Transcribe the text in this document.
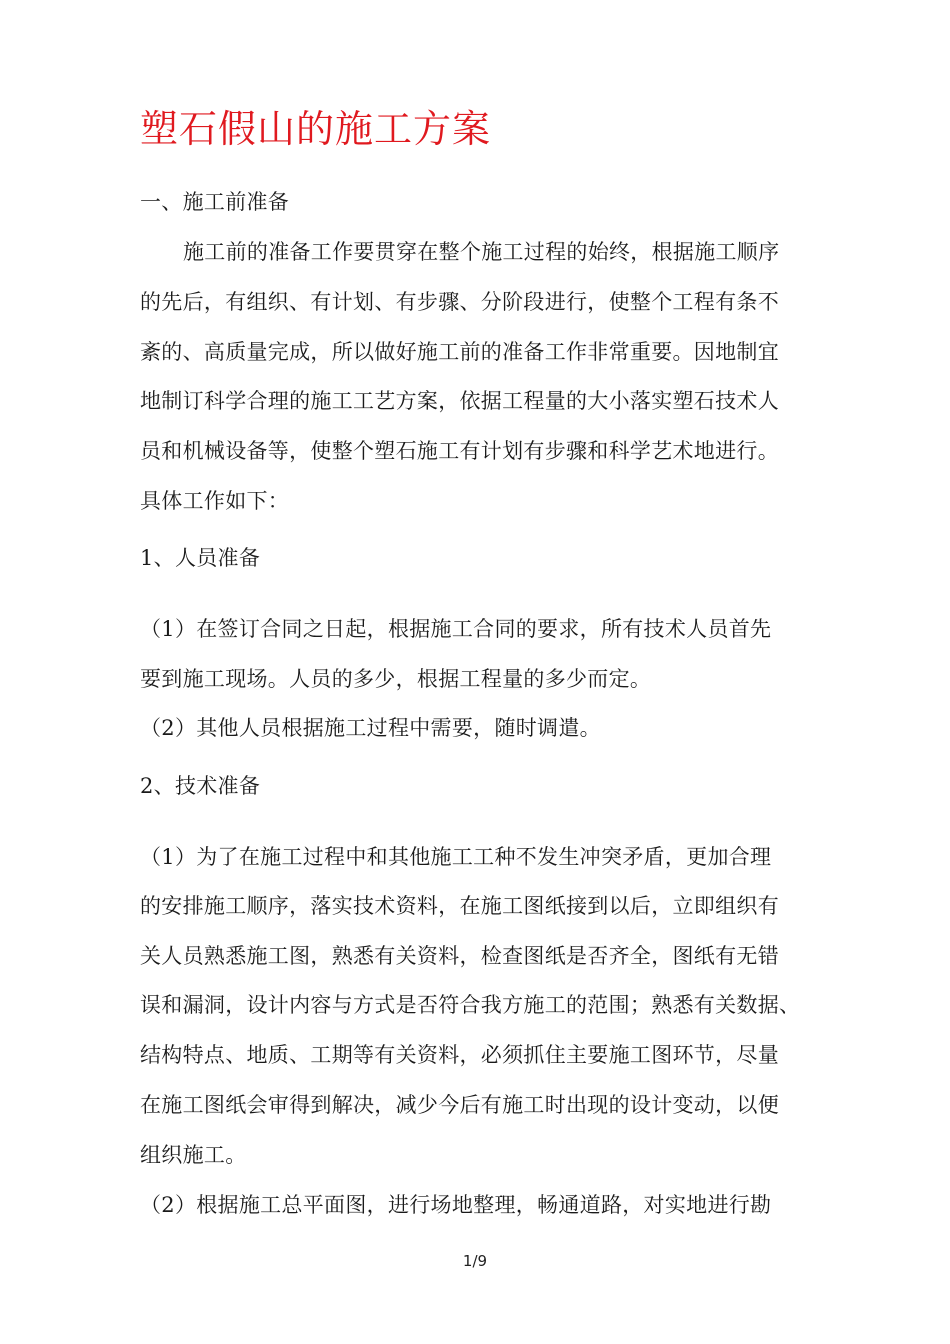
塑石假山的施工方案
一、施工前准备
施工前的准备工作要贯穿在整个施工过程的始终，根据施工顺序
的先后，有组织、有计划、有步骤、分阶段进行，使整个工程有条不
紊的、高质量完成，所以做好施工前的准备工作非常重要。因地制宜
地制订科学合理的施工工艺方案，依据工程量的大小落实塑石技术人
员和机械设备等，使整个塑石施工有计划有步骤和科学艺术地进行。
具体工作如下：
1、人员准备
（1）在签订合同之日起，根据施工合同的要求，所有技术人员首先
要到施工现场。人员的多少，根据工程量的多少而定。
（2）其他人员根据施工过程中需要，随时调遣。
2、技术准备
（1）为了在施工过程中和其他施工工种不发生冲突矛盾，更加合理
的安排施工顺序，落实技术资料，在施工图纸接到以后，立即组织有
关人员熟悉施工图，熟悉有关资料，检查图纸是否齐全，图纸有无错
误和漏洞，设计内容与方式是否符合我方施工的范围；熟悉有关数据、
结构特点、地质、工期等有关资料，必须抓住主要施工图环节，尽量
在施工图纸会审得到解决，减少今后有施工时出现的设计变动，以便
组织施工。
（2）根据施工总平面图，进行场地整理，畅通道路，对实地进行勘
1/9
